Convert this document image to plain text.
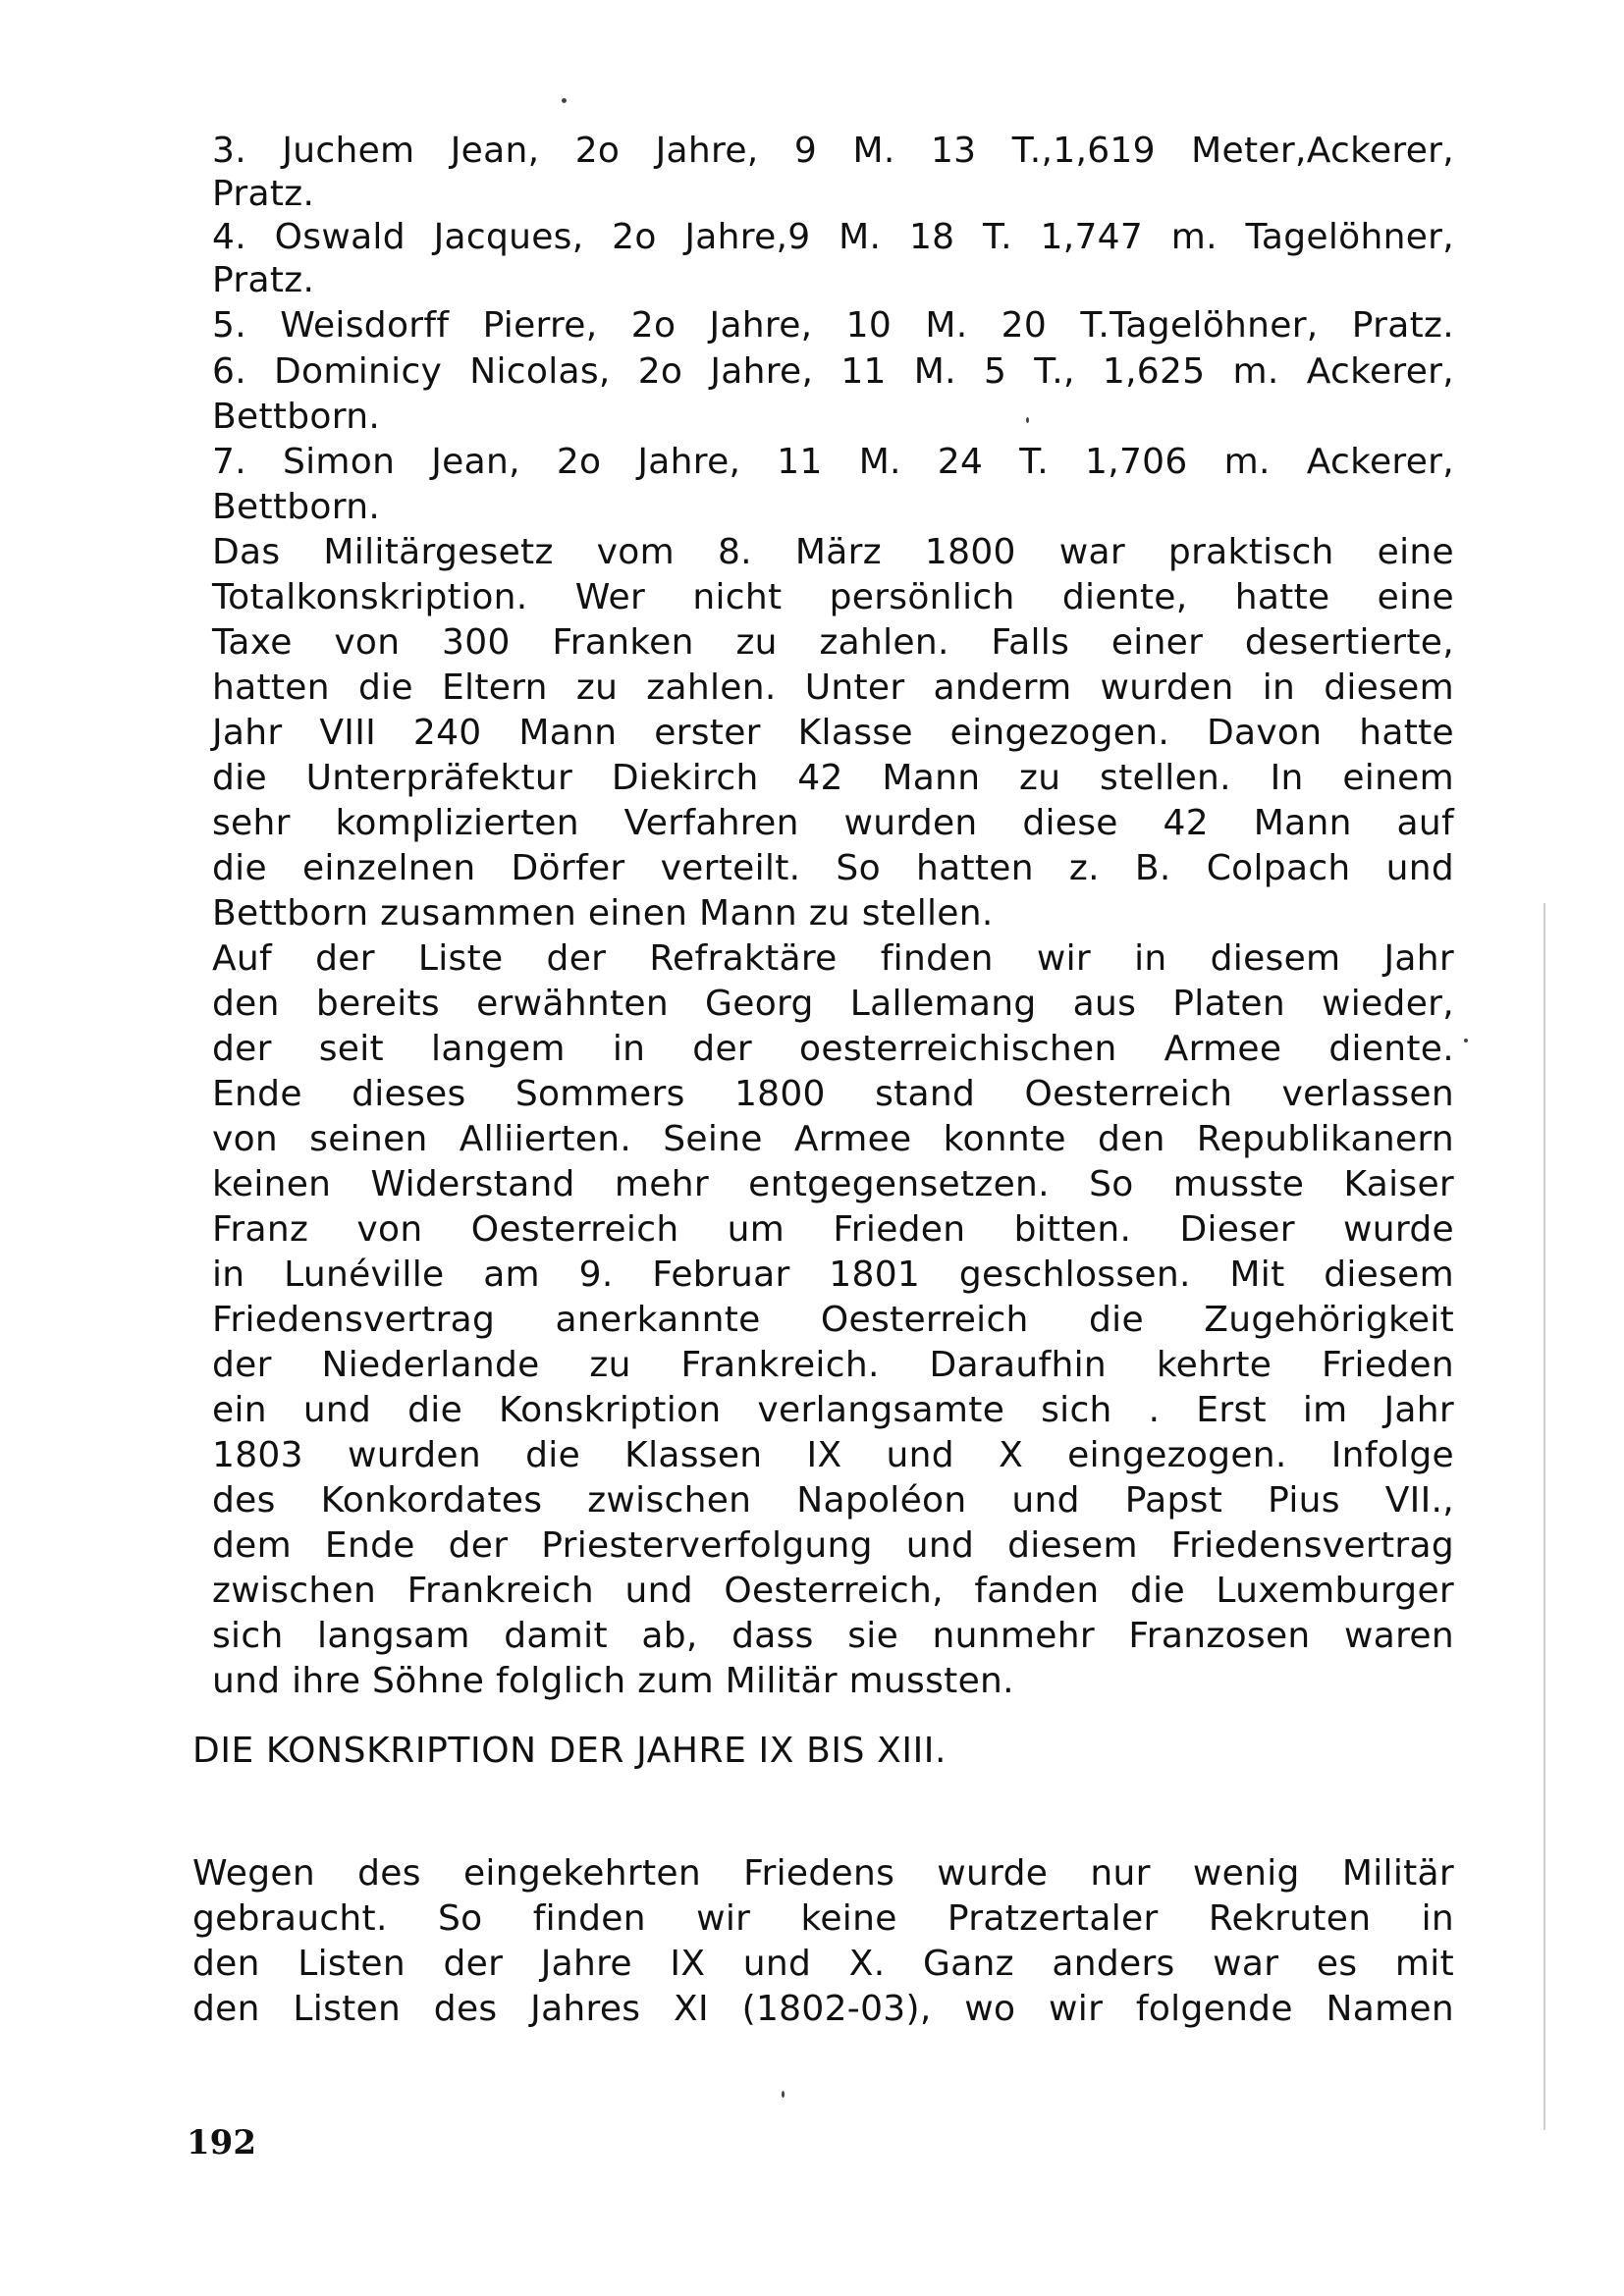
3. Juchem Jean, 2o Jahre, 9 M. 13 T.,1,619 Meter,Ackerer,
Pratz.
4. Oswald Jacques, 2o Jahre,9 M. 18 T. 1,747 m. Tagelöhner,
Pratz.
5. Weisdorff Pierre, 2o Jahre, 10 M. 20 T.Tagelöhner, Pratz.
6. Dominicy Nicolas, 2o Jahre, 11 M. 5 T., 1,625 m. Ackerer,
Bettborn.
7. Simon Jean, 2o Jahre, 11 M. 24 T. 1,706 m. Ackerer,
Bettborn.
Das Militärgesetz vom 8. März 1800 war praktisch eine
Totalkonskription. Wer nicht persönlich diente, hatte eine
Taxe von 300 Franken zu zahlen. Falls einer desertierte,
hatten die Eltern zu zahlen. Unter anderm wurden in diesem
Jahr VIII 240 Mann erster Klasse eingezogen. Davon hatte
die Unterpräfektur Diekirch 42 Mann zu stellen. In einem
sehr komplizierten Verfahren wurden diese 42 Mann auf
die einzelnen Dörfer verteilt. So hatten z. B. Colpach und
Bettborn zusammen einen Mann zu stellen.
Auf der Liste der Refraktäre finden wir in diesem Jahr
den bereits erwähnten Georg Lallemang aus Platen wieder,
der seit langem in der oesterreichischen Armee diente.
Ende dieses Sommers 1800 stand Oesterreich verlassen
von seinen Alliierten. Seine Armee konnte den Republikanern
keinen Widerstand mehr entgegensetzen. So musste Kaiser
Franz von Oesterreich um Frieden bitten. Dieser wurde
in Lunéville am 9. Februar 1801 geschlossen. Mit diesem
Friedensvertrag anerkannte Oesterreich die Zugehörigkeit
der Niederlande zu Frankreich. Daraufhin kehrte Frieden
ein und die Konskription verlangsamte sich . Erst im Jahr
1803 wurden die Klassen IX und X eingezogen. Infolge
des Konkordates zwischen Napoléon und Papst Pius VII.,
dem Ende der Priesterverfolgung und diesem Friedensvertrag
zwischen Frankreich und Oesterreich, fanden die Luxemburger
sich langsam damit ab, dass sie nunmehr Franzosen waren
und ihre Söhne folglich zum Militär mussten.
DIE KONSKRIPTION DER JAHRE IX BIS XIII.
Wegen des eingekehrten Friedens wurde nur wenig Militär
gebraucht. So finden wir keine Pratzertaler Rekruten in
den Listen der Jahre IX und X. Ganz anders war es mit
den Listen des Jahres XI (1802-03), wo wir folgende Namen
192
